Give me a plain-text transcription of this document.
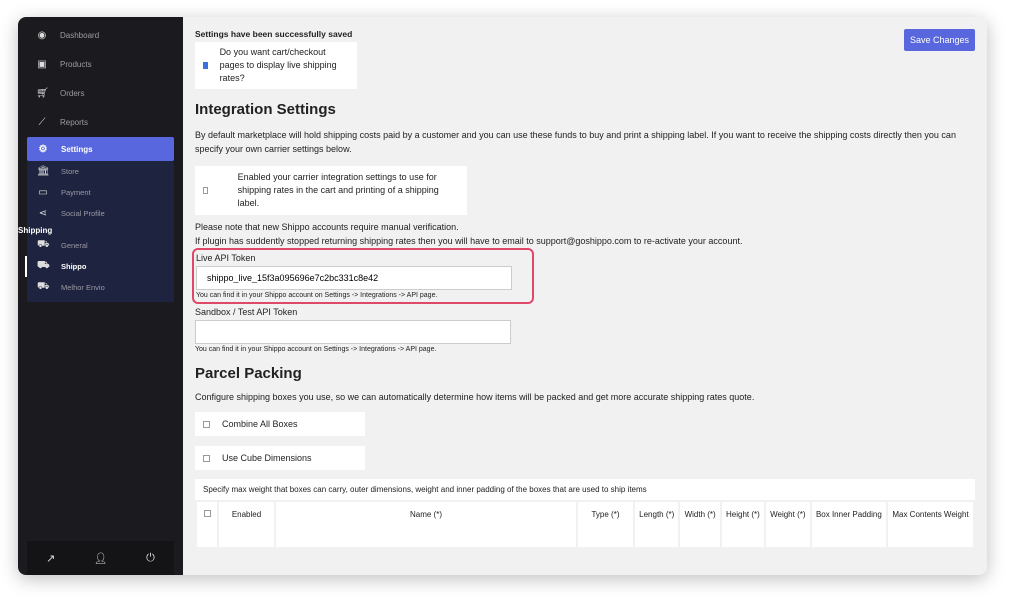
◉ Dashboard
▣ Products
🛒︎ Orders
⟋	Reports
⚙ Settings
🏛︎ Store
▭ Payment
⋖ Social Profile
Shipping
⛟ General
⛟ Shippo
⛟ Melhor Envio
↗	👤︎	⏻
Save Changes
Settings have been successfully saved
Do you want cart/checkout pages to display live shipping rates?
Integration Settings

By default marketplace will hold shipping costs paid by a customer and you can use these funds to buy and print a shipping label. If you want to receive the shipping costs directly then you can specify your own carrier settings below.

Enabled your carrier integration settings to use for shipping rates in the cart and printing of a shipping label.

Please note that new Shippo accounts require manual verification.

If plugin has suddently stopped returning shipping rates then you will have to email to support@goshippo.com to re-activate your account.

Live API Token
shippo_live_15f3a095696e7c2bc331c8e42
You can find it in your Shippo account on Settings -> Integrations -> API page.
Sandbox / Test API Token
You can find it in your Shippo account on Settings -> Integrations -> API page.
Parcel Packing

Configure shipping boxes you use, so we can automatically determine how items will be packed and get more accurate shipping rates quote.

Combine All Boxes

Use Cube Dimensions
Specify max weight that boxes can carry, outer dimensions, weight and inner padding of the boxes that are used to ship items
	Enabled	Name (*)	Type (*)	Length (*)	Width (*)	Height (*)	Weight (*)	Box Inner Padding	Max Contents Weight
